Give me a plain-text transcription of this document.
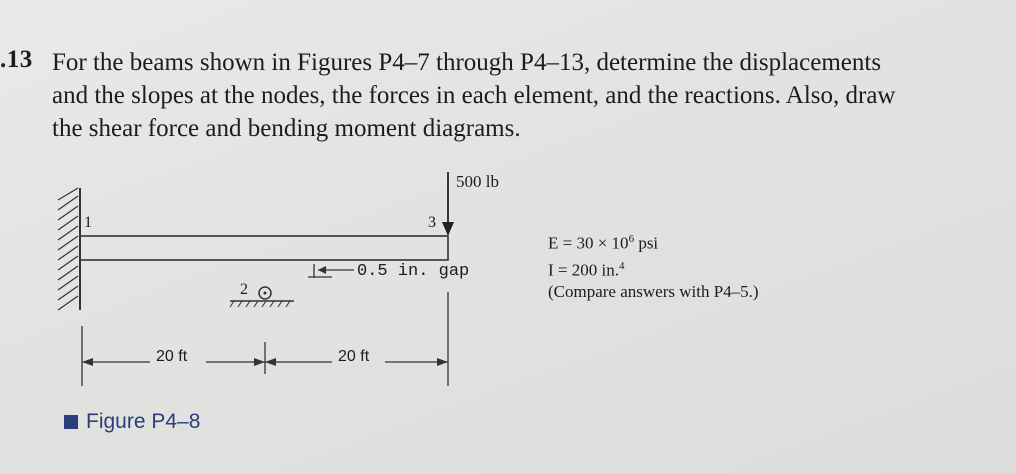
.13 For the beams shown in Figures P4–7 through P4–13, determine the displacements
and the slopes at the nodes, the forces in each element, and the reactions. Also, draw
the shear force and bending moment diagrams.
500 lb
1
2
3
0.5 in. gap
20 ft	20 ft
$E = 30 \times 10^6$ psi
I = 200 in.$^4$
(Compare answers with P4–5.)
Figure P4–8
